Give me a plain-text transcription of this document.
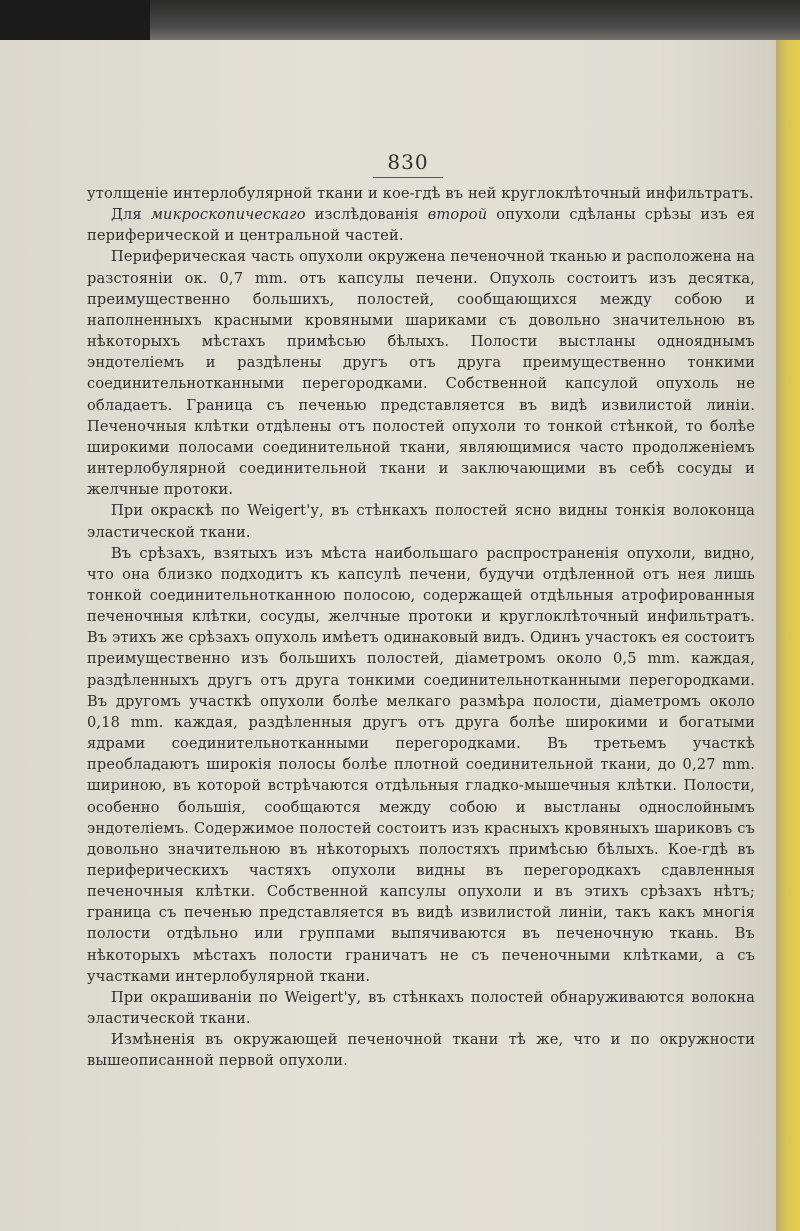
830

утолщеніе интерлобулярной ткани и кое-гдѣ въ ней круглоклѣточный инфильтратъ.

Для микроскопическаго изслѣдованія второй опухоли сдѣланы срѣзы изъ ея периферической и центральной частей.

Периферическая часть опухоли окружена печеночной тканью и расположена на разстояніи ок. 0,7 mm. отъ капсулы печени. Опухоль состоитъ изъ десятка, преимущественно большихъ, полостей, сообщающихся между собою и наполненныхъ красными кровяными шариками съ довольно значительною въ нѣкоторыхъ мѣстахъ примѣсью бѣлыхъ. Полости выстланы однояднымъ эндотеліемъ и раздѣлены другъ отъ друга преимущественно тонкими соединительнотканными перегородками. Собственной капсулой опухоль не обладаетъ. Граница съ печенью представляется въ видѣ извилистой линіи. Печеночныя клѣтки отдѣлены отъ полостей опухоли то тонкой стѣнкой, то болѣе широкими полосами соединительной ткани, являющимися часто продолженіемъ интерлобулярной соединительной ткани и заключающими въ себѣ сосуды и желчные протоки.

При окраскѣ по Weigert'у, въ стѣнкахъ полостей ясно видны тонкія волоконца эластической ткани.

Въ срѣзахъ, взятыхъ изъ мѣста наибольшаго распространенія опухоли, видно, что она близко подходитъ къ капсулѣ печени, будучи отдѣленной отъ нея лишь тонкой соединительнотканною полосою, содержащей отдѣльныя атрофированныя печеночныя клѣтки, сосуды, желчные протоки и круглоклѣточный инфильтратъ. Въ этихъ же срѣзахъ опухоль имѣетъ одинаковый видъ. Одинъ участокъ ея состоитъ преимущественно изъ большихъ полостей, діаметромъ около 0,5 mm. каждая, раздѣленныхъ другъ отъ друга тонкими соединительнотканными перегородками. Въ другомъ участкѣ опухоли болѣе мелкаго размѣра полости, діаметромъ около 0,18 mm. каждая, раздѣленныя другъ отъ друга болѣе широкими и богатыми ядрами соединительнотканными перегородками. Въ третьемъ участкѣ преобладаютъ широкія полосы болѣе плотной соединительной ткани, до 0,27 mm. шириною, въ которой встрѣчаются отдѣльныя гладко-мышечныя клѣтки. Полости, особенно большія, сообщаются между собою и выстланы однослойнымъ эндотеліемъ. Содержимое полостей состоитъ изъ красныхъ кровяныхъ шариковъ съ довольно значительною въ нѣкоторыхъ полостяхъ примѣсью бѣлыхъ. Кое-гдѣ въ периферическихъ частяхъ опухоли видны въ перегородкахъ сдавленныя печеночныя клѣтки. Собственной капсулы опухоли и въ этихъ срѣзахъ нѣтъ; граница съ печенью представляется въ видѣ извилистой линіи, такъ какъ многія полости отдѣльно или группами выпячиваются въ печеночную ткань. Въ нѣкоторыхъ мѣстахъ полости граничатъ не съ печеночными клѣтками, а съ участками интерлобулярной ткани.

При окрашиваніи по Weigert'у, въ стѣнкахъ полостей обнаруживаются волокна эластической ткани.

Измѣненія въ окружающей печеночной ткани тѣ же, что и по окружности вышеописанной первой опухоли.
